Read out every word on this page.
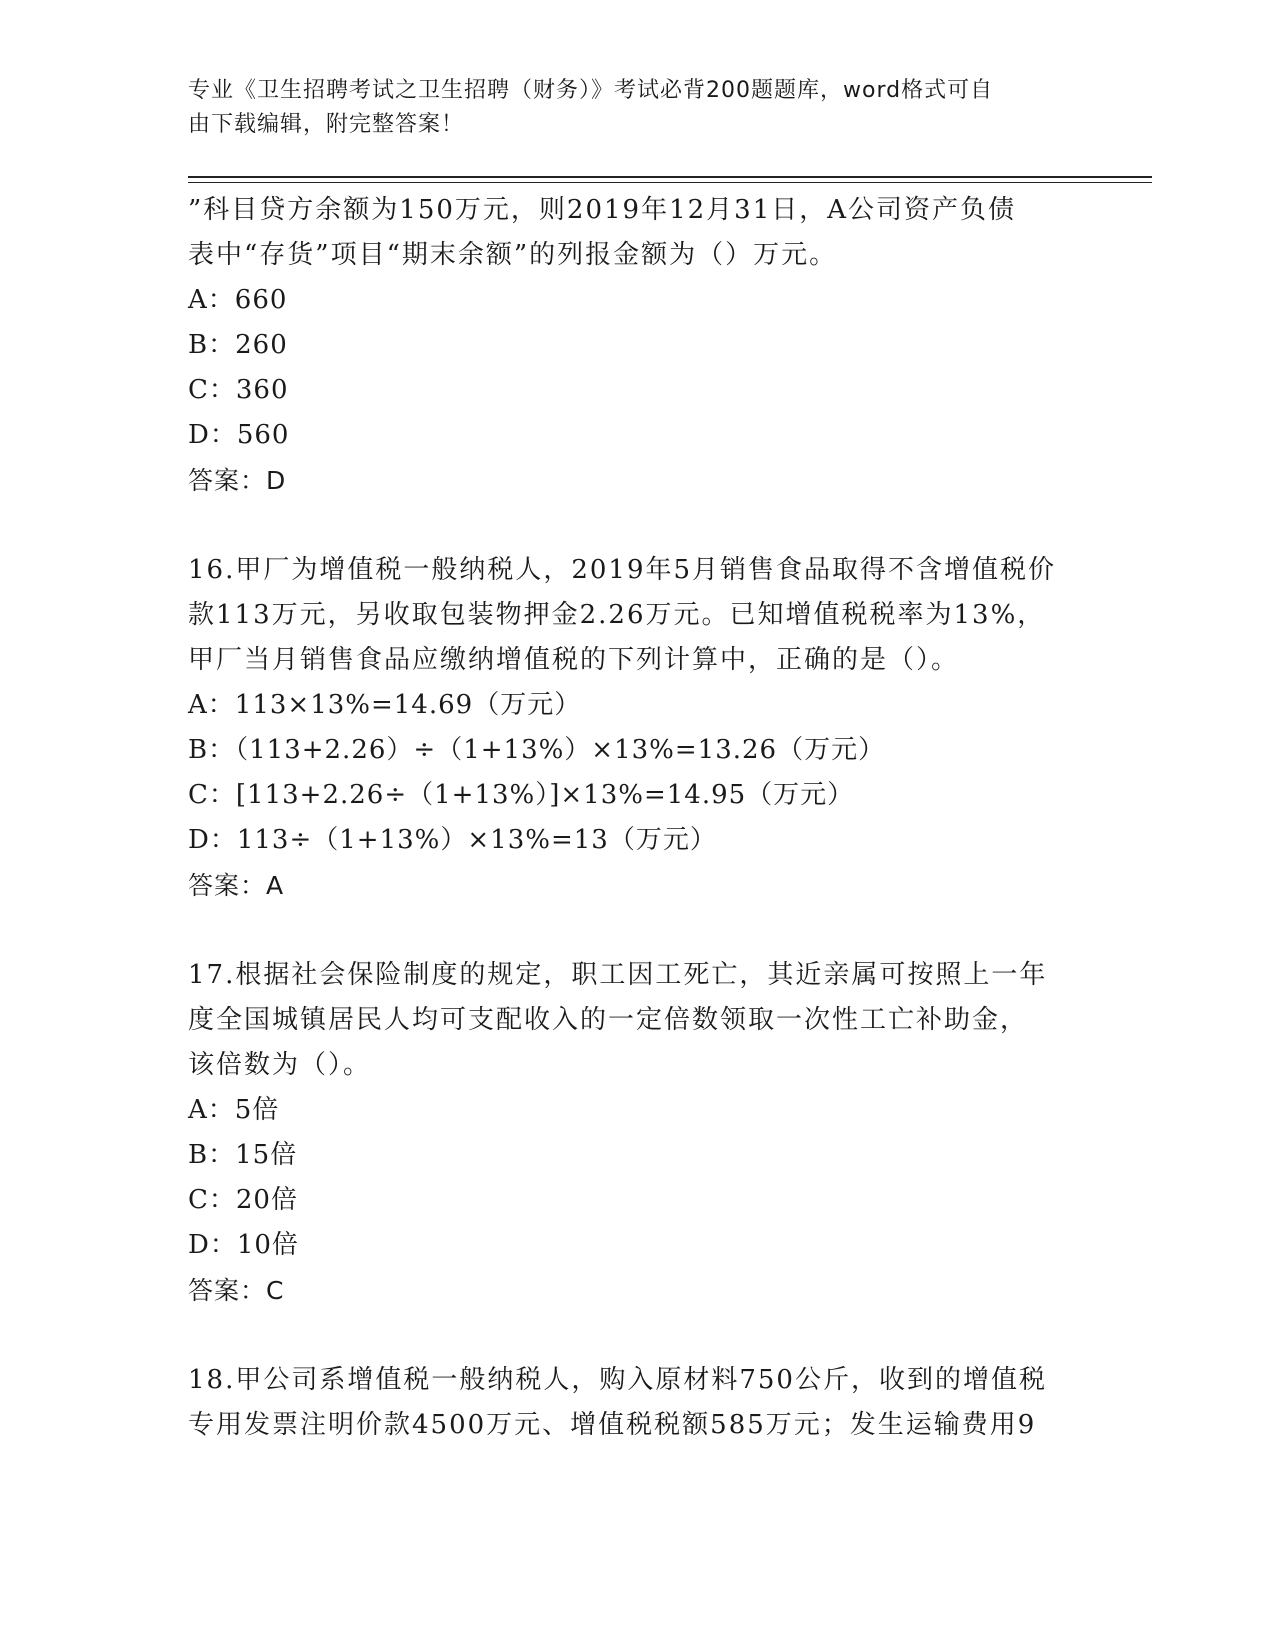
专业《卫生招聘考试之卫生招聘（财务）》考试必背200题题库，word格式可自
由下载编辑，附完整答案！
”科目贷方余额为150万元，则2019年12月31日，A公司资产负债
表中“存货”项目“期末余额”的列报金额为（）万元。
A：660
B：260
C：360
D：560
答案：D
16.甲厂为增值税一般纳税人，2019年5月销售食品取得不含增值税价
款113万元，另收取包装物押金2.26万元。已知增值税税率为13%，
甲厂当月销售食品应缴纳增值税的下列计算中，正确的是（）。
A：113×13%=14.69（万元）
B：（113+2.26）÷（1+13%）×13%=13.26（万元）
C：[113+2.26÷（1+13%）]×13%=14.95（万元）
D：113÷（1+13%）×13%=13（万元）
答案：A
17.根据社会保险制度的规定，职工因工死亡，其近亲属可按照上一年
度全国城镇居民人均可支配收入的一定倍数领取一次性工亡补助金，
该倍数为（）。
A：5倍
B：15倍
C：20倍
D：10倍
答案：C
18.甲公司系增值税一般纳税人，购入原材料750公斤，收到的增值税
专用发票注明价款4500万元、增值税税额585万元；发生运输费用9
